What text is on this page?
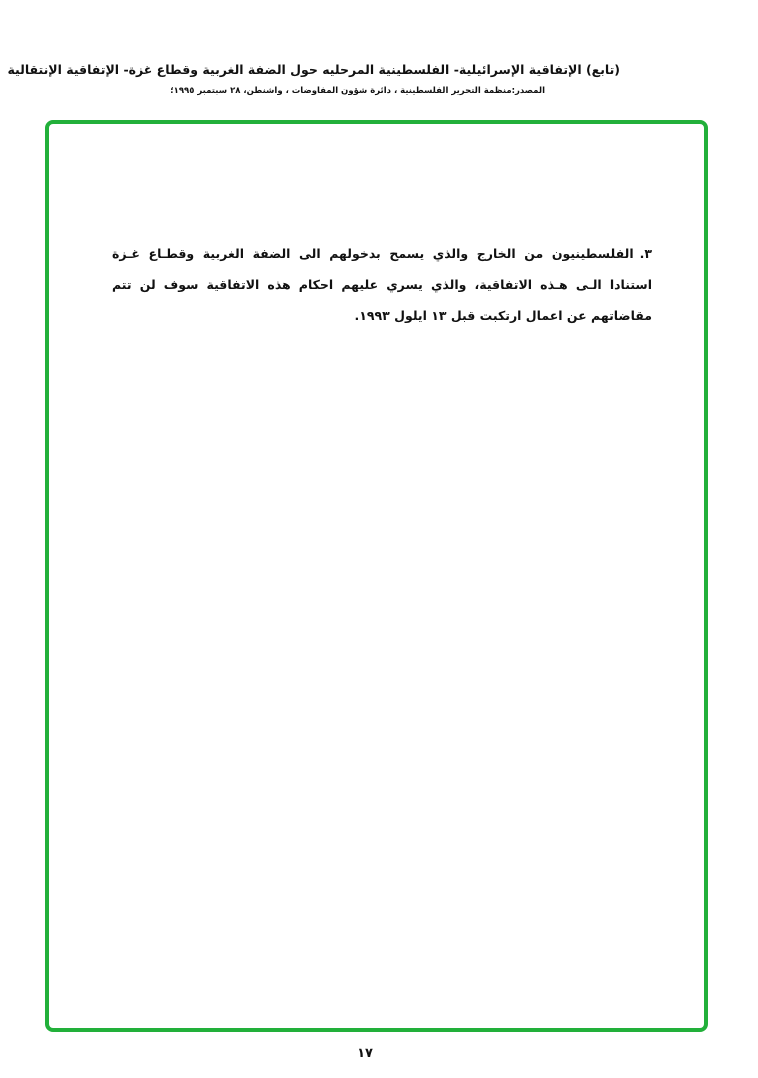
(تابع) الإتفاقية الإسرائيلية- الفلسطينية المرحليه حول الضفة الغربية وقطاع غزة- الإتفاقية الإنتقالية
المصدر:منظمة التحرير الفلسطينية ، دائرة شؤون المفاوضات ، واشنطن، ٢٨ سبتمبر ١٩٩٥؛
٣.الفلسطينيون من الخارج والذي يسمح بدخولهم الى الضفة الغربية وقطـاع غـزة استنادا الـى هـذه الاتفاقية، والذي يسري عليهم احكام هذه الاتفاقية سوف لن تتم مقاضاتهم عن اعمال ارتكبت قبل ١٣ ايلول ١٩٩٣.
١٧
